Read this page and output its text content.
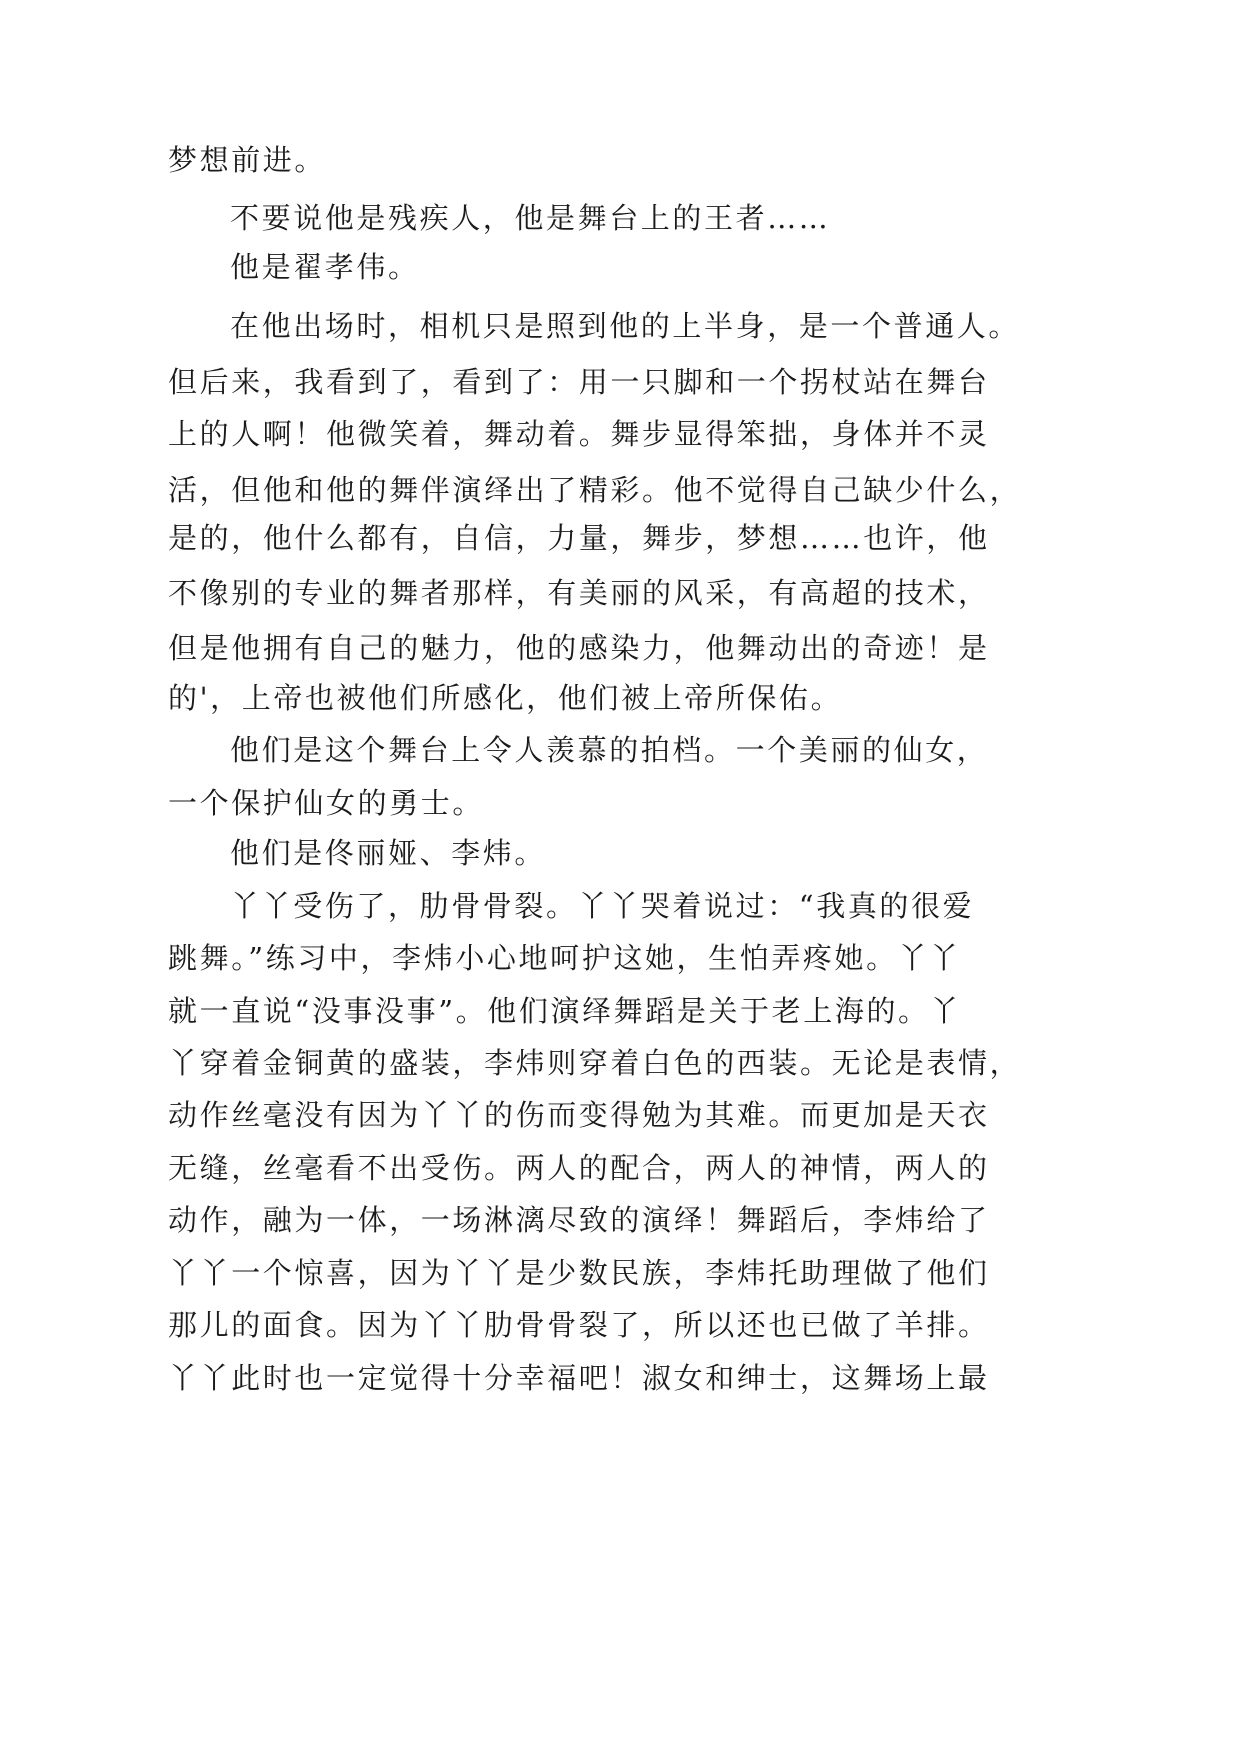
梦想前进。
不要说他是残疾人，他是舞台上的王者……
他是翟孝伟。
在他出场时，相机只是照到他的上半身，是一个普通人。
但后来，我看到了，看到了：用一只脚和一个拐杖站在舞台
上的人啊！他微笑着，舞动着。舞步显得笨拙，身体并不灵
活，但他和他的舞伴演绎出了精彩。他不觉得自己缺少什么，
是的，他什么都有，自信，力量，舞步，梦想……也许，他
不像别的专业的舞者那样，有美丽的风采，有高超的技术，
但是他拥有自己的魅力，他的感染力，他舞动出的奇迹！是
的'，上帝也被他们所感化，他们被上帝所保佑。
他们是这个舞台上令人羡慕的拍档。一个美丽的仙女，
一个保护仙女的勇士。
他们是佟丽娅、李炜。
丫丫受伤了，肋骨骨裂。丫丫哭着说过：“我真的很爱
跳舞。”练习中，李炜小心地呵护这她，生怕弄疼她。丫丫
就一直说“没事没事”。他们演绎舞蹈是关于老上海的。丫
丫穿着金铜黄的盛装，李炜则穿着白色的西装。无论是表情，
动作丝毫没有因为丫丫的伤而变得勉为其难。而更加是天衣
无缝，丝毫看不出受伤。两人的配合，两人的神情，两人的
动作，融为一体，一场淋漓尽致的演绎！舞蹈后，李炜给了
丫丫一个惊喜，因为丫丫是少数民族，李炜托助理做了他们
那儿的面食。因为丫丫肋骨骨裂了，所以还也已做了羊排。
丫丫此时也一定觉得十分幸福吧！淑女和绅士，这舞场上最
